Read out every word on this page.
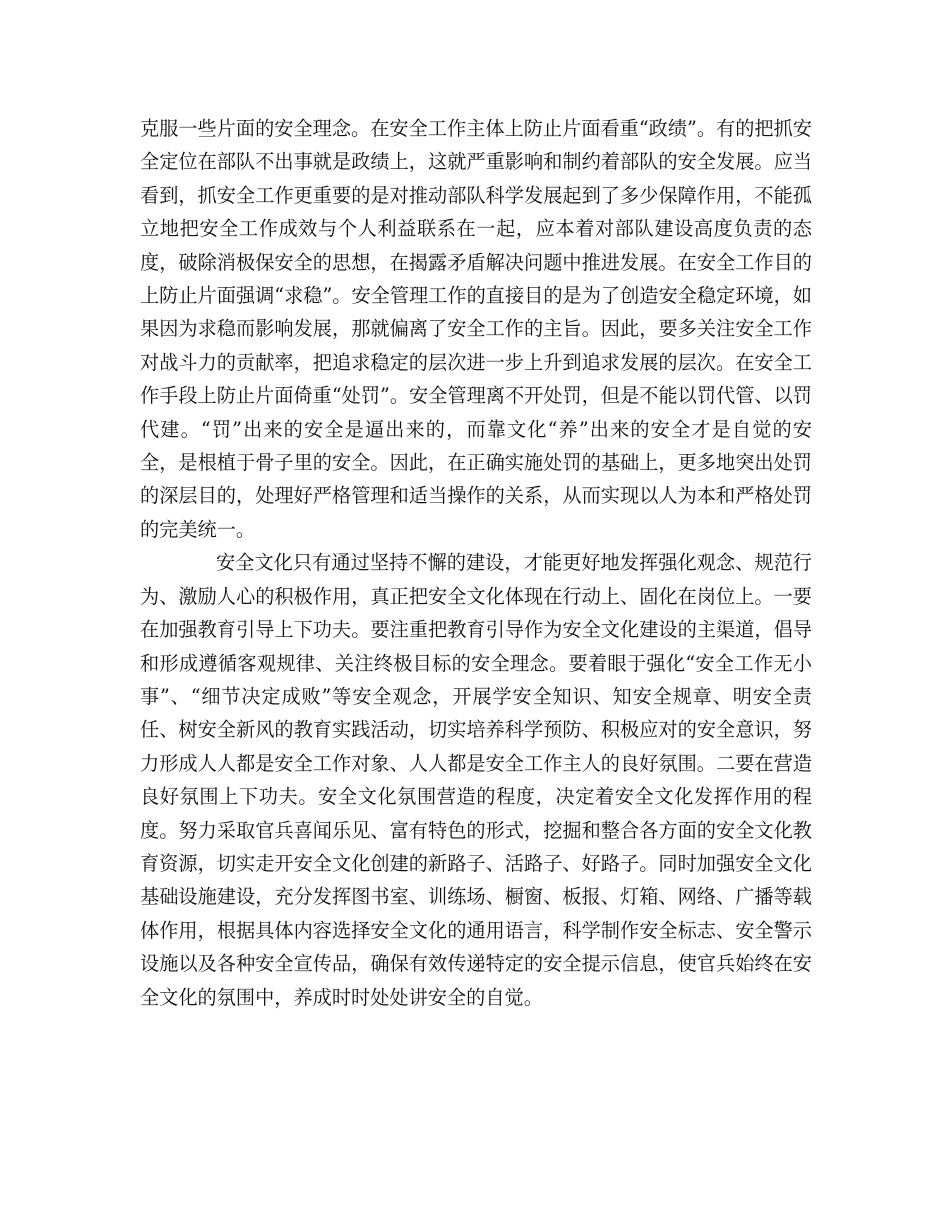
克服一些片面的安全理念。在安全工作主体上防止片面看重“政绩”。有的把抓安全定位在部队不出事就是政绩上，这就严重影响和制约着部队的安全发展。应当看到，抓安全工作更重要的是对推动部队科学发展起到了多少保障作用，不能孤立地把安全工作成效与个人利益联系在一起，应本着对部队建设高度负责的态度，破除消极保安全的思想，在揭露矛盾解决问题中推进发展。在安全工作目的上防止片面强调“求稳”。安全管理工作的直接目的是为了创造安全稳定环境，如果因为求稳而影响发展，那就偏离了安全工作的主旨。因此，要多关注安全工作对战斗力的贡献率，把追求稳定的层次进一步上升到追求发展的层次。在安全工作手段上防止片面倚重“处罚”。安全管理离不开处罚，但是不能以罚代管、以罚代建。“罚”出来的安全是逼出来的，而靠文化“养”出来的安全才是自觉的安全，是根植于骨子里的安全。因此，在正确实施处罚的基础上，更多地突出处罚的深层目的，处理好严格管理和适当操作的关系，从而实现以人为本和严格处罚的完美统一。

安全文化只有通过坚持不懈的建设，才能更好地发挥强化观念、规范行为、激励人心的积极作用，真正把安全文化体现在行动上、固化在岗位上。一要在加强教育引导上下功夫。要注重把教育引导作为安全文化建设的主渠道，倡导和形成遵循客观规律、关注终极目标的安全理念。要着眼于强化“安全工作无小事”、“细节决定成败”等安全观念，开展学安全知识、知安全规章、明安全责任、树安全新风的教育实践活动，切实培养科学预防、积极应对的安全意识，努力形成人人都是安全工作对象、人人都是安全工作主人的良好氛围。二要在营造良好氛围上下功夫。安全文化氛围营造的程度，决定着安全文化发挥作用的程度。努力采取官兵喜闻乐见、富有特色的形式，挖掘和整合各方面的安全文化教育资源，切实走开安全文化创建的新路子、活路子、好路子。同时加强安全文化基础设施建设，充分发挥图书室、训练场、橱窗、板报、灯箱、网络、广播等载体作用，根据具体内容选择安全文化的通用语言，科学制作安全标志、安全警示设施以及各种安全宣传品，确保有效传递特定的安全提示信息，使官兵始终在安全文化的氛围中，养成时时处处讲安全的自觉。
